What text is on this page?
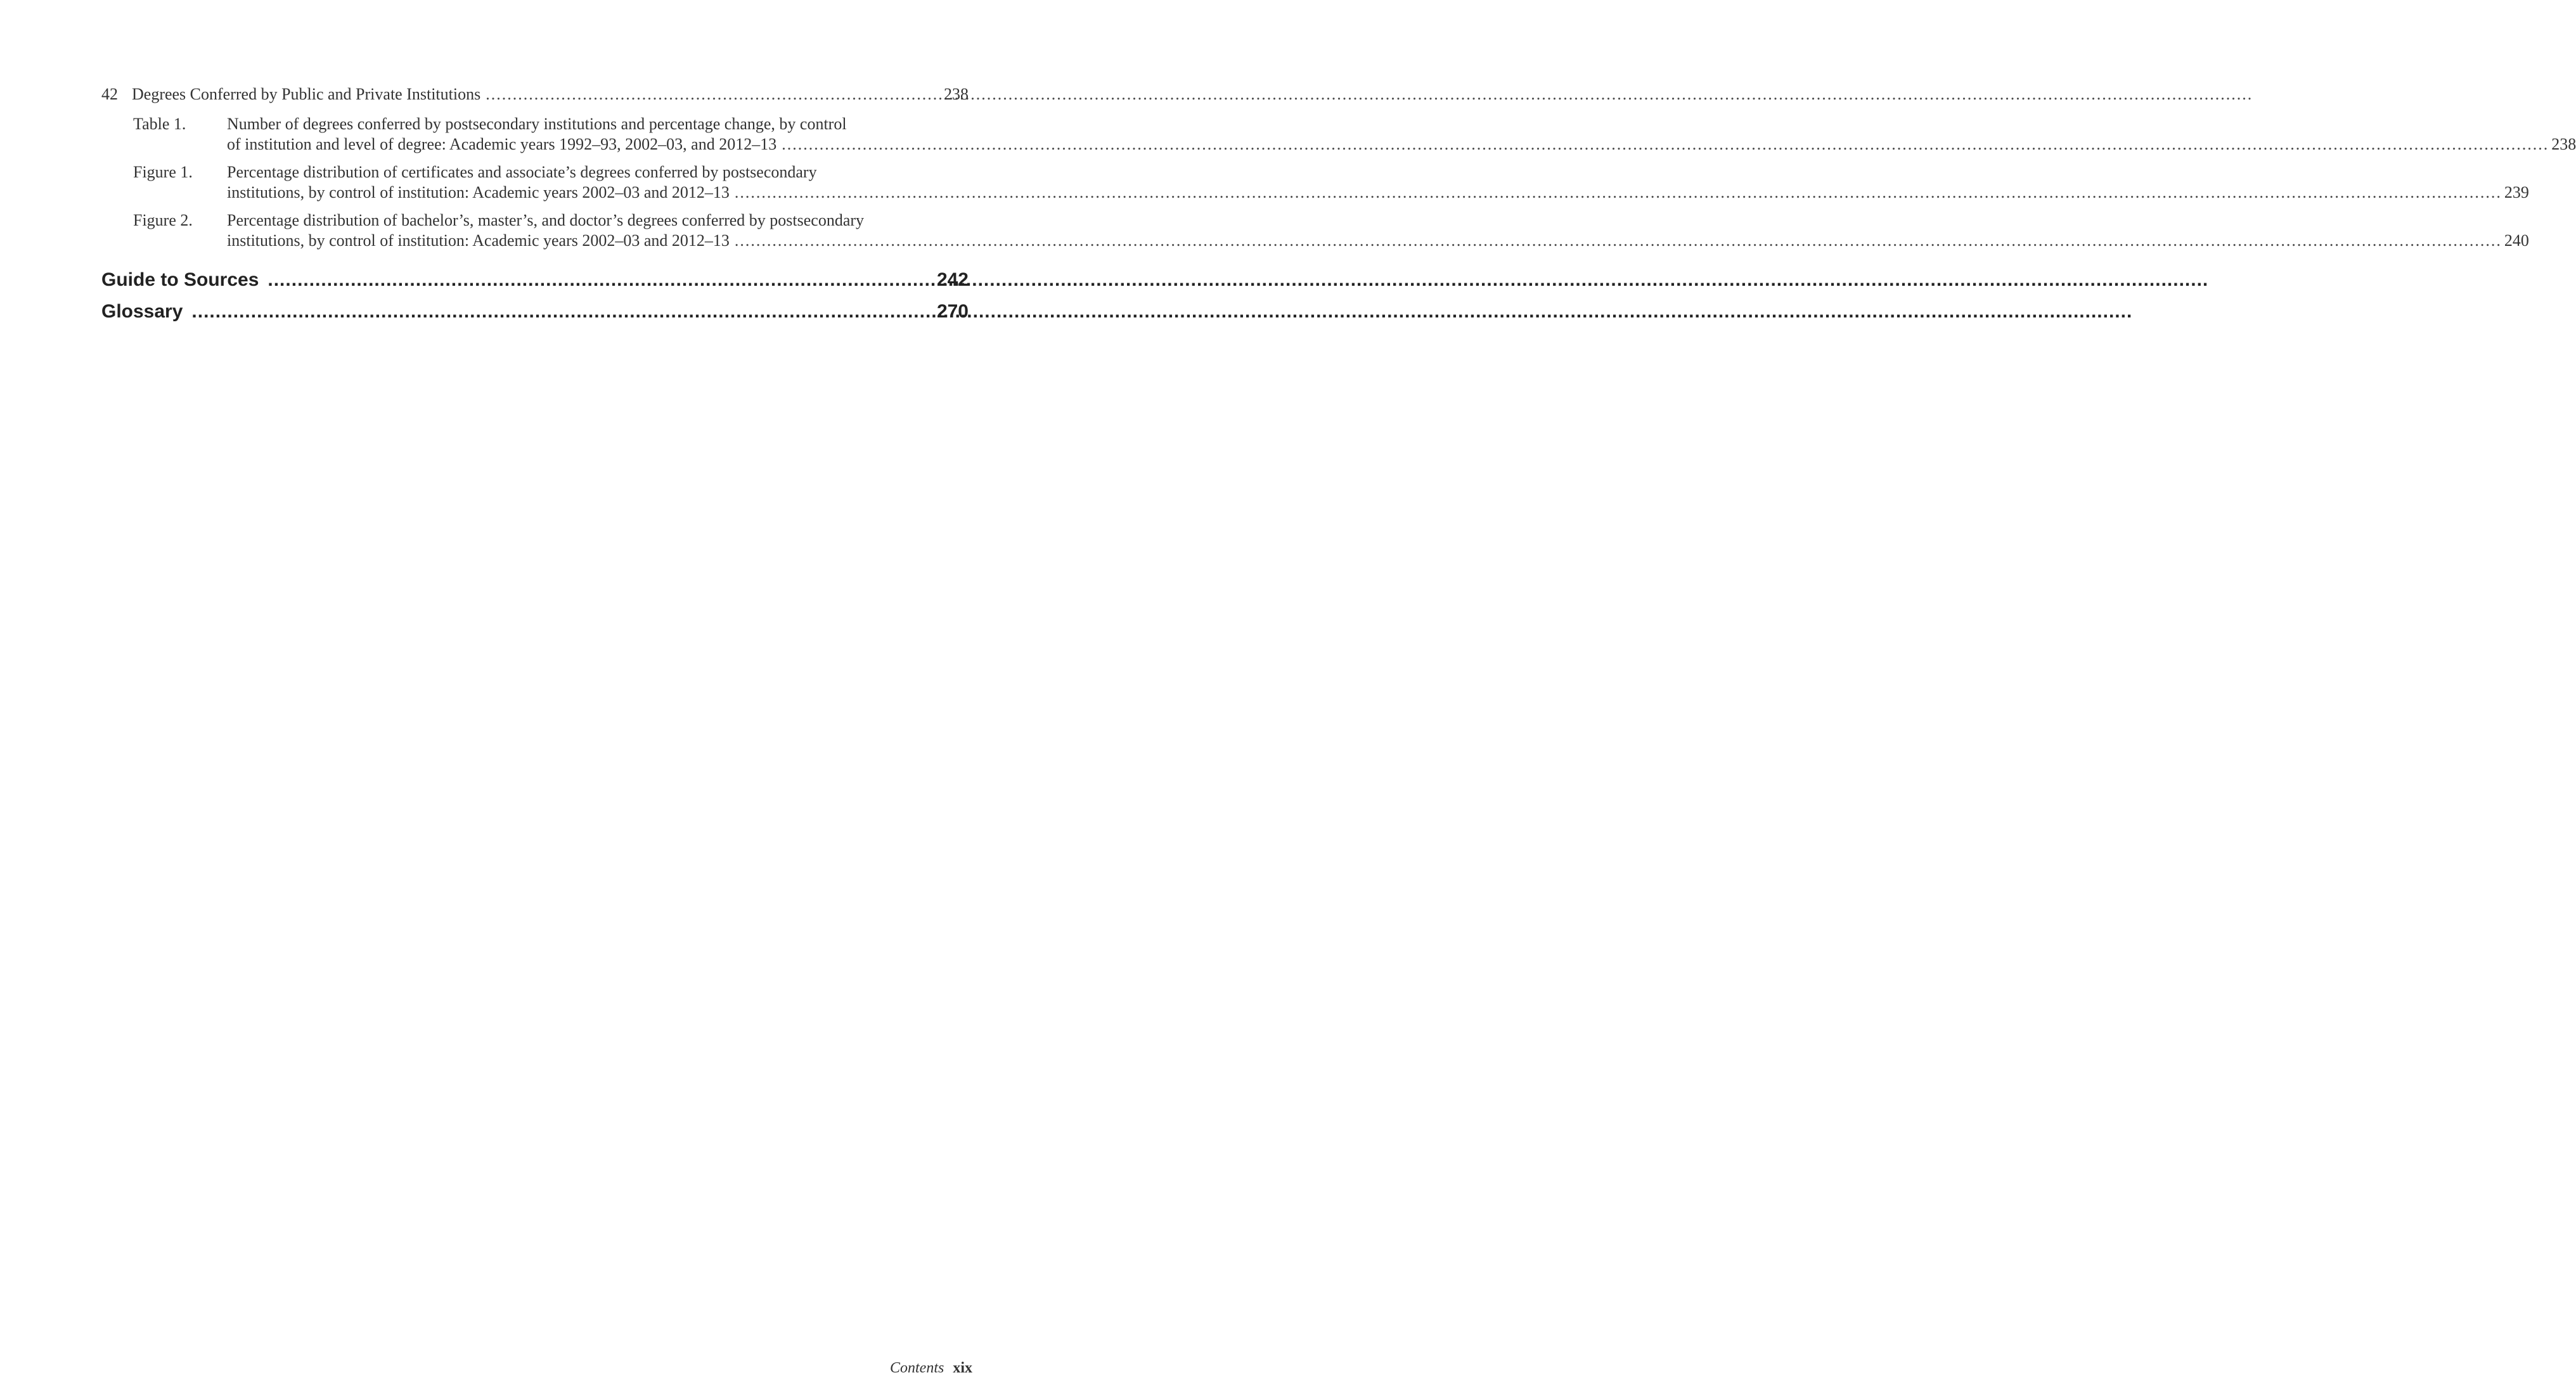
42 Degrees Conferred by Public and Private Institutions .....	238
Table 1.	Number of degrees conferred by postsecondary institutions and percentage change, by control
of institution and level of degree: Academic years 1992–93, 2002–03, and 2012–13 .....	238
Figure 1.	Percentage distribution of certificates and associate’s degrees conferred by postsecondary
institutions, by control of institution: Academic years 2002–03 and 2012–13 .....	239
Figure 2.	Percentage distribution of bachelor’s, master’s, and doctor’s degrees conferred by postsecondary
institutions, by control of institution: Academic years 2002–03 and 2012–13 .....	240
Guide to Sources .....	242
Glossary .....	270
Contents xix
